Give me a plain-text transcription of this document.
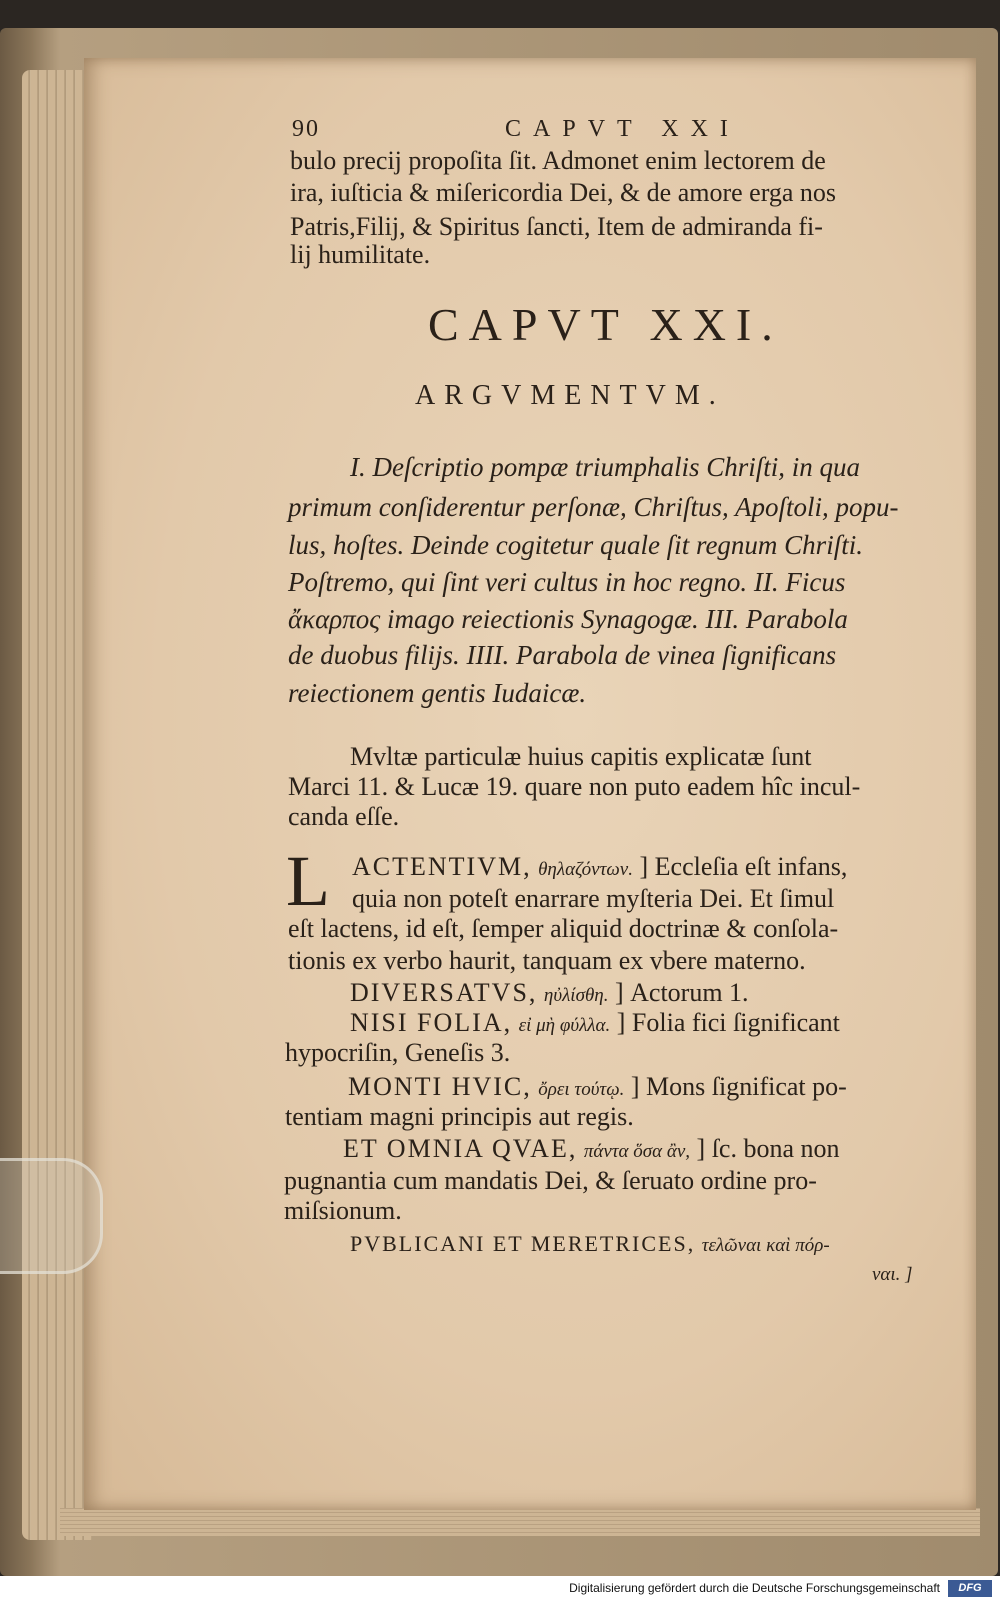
90	CAPVT XXI
bulo precij propoſita ſit. Admonet enim lectorem de
ira, iuſticia & miſericordia Dei, & de amore erga nos
Patris,Filij, & Spiritus ſancti, Item de admiranda fi-
lij humilitate.
CAPVT XXI.
ARGVMENTVM.
I. Deſcriptio pompæ triumphalis Chriſti, in qua
primum conſiderentur perſonæ, Chriſtus, Apoſtoli, popu-
lus, hoſtes. Deinde cogitetur quale ſit regnum Chriſti.
Poſtremo, qui ſint veri cultus in hoc regno. II. Ficus
ἄκαρπος imago reiectionis Synagogæ. III. Parabola
de duobus filijs. IIII. Parabola de vinea ſignificans
reiectionem gentis Iudaicæ.
Mvltæ particulæ huius capitis explicatæ ſunt
Marci 11. & Lucæ 19. quare non puto eadem hîc incul-
canda eſſe.
L ACTENTIVM, θηλαζόντων. ] Eccleſia eſt infans,
quia non poteſt enarrare myſteria Dei. Et ſimul
eſt lactens, id eſt, ſemper aliquid doctrinæ & conſola-
tionis ex verbo haurit, tanquam ex vbere materno.
DIVERSATVS, ηὐλίσθη. ] Actorum 1.
NISI FOLIA, εἰ μὴ φύλλα. ] Folia fici ſignificant
hypocriſin, Geneſis 3.
MONTI HVIC, ὄρει τούτῳ. ] Mons ſignificat po-
tentiam magni principis aut regis.
ET OMNIA QVAE, πάντα ὅσα ἂν, ] ſc. bona non
pugnantia cum mandatis Dei, & ſeruato ordine pro-
miſsionum.
PVBLICANI ET MERETRICES, τελῶναι καὶ πόρ-
ναι. ]
Digitalisierung gefördert durch die Deutsche Forschungsgemeinschaft	DFG
